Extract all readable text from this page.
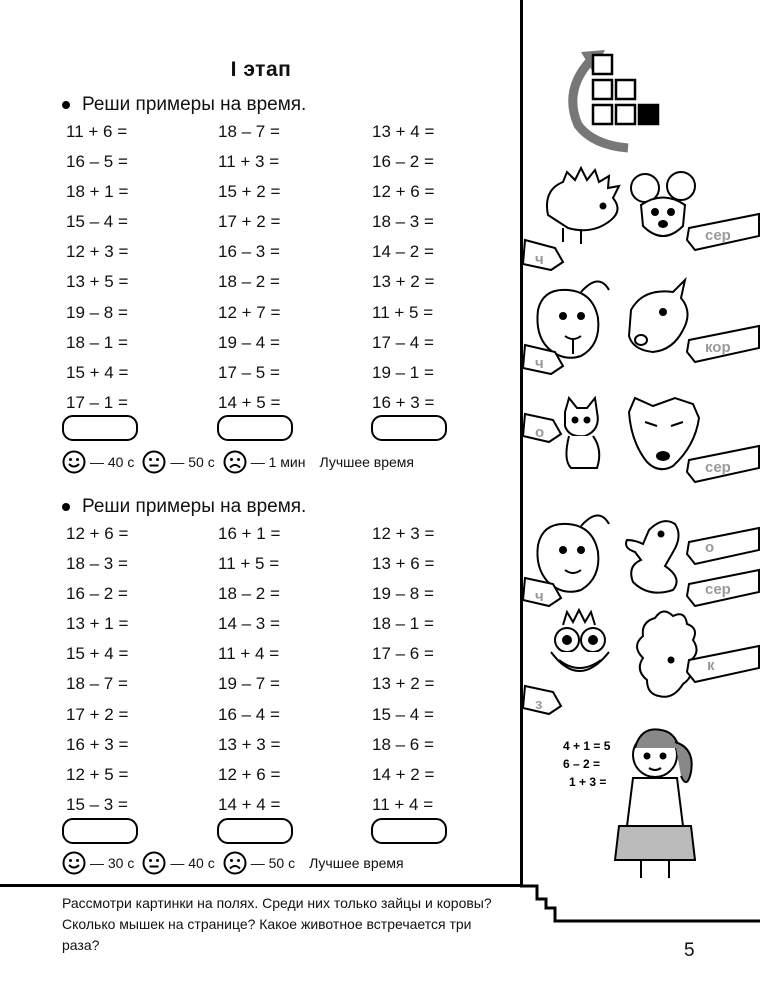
I этап
Реши примеры на время.
11 + 6 =	18 – 7 =	13 + 4 =
16 – 5 =	11 + 3 =	16 – 2 =
18 + 1 =	15 + 2 =	12 + 6 =
15 – 4 =	17 + 2 =	18 – 3 =
12 + 3 =	16 – 3 =	14 – 2 =
13 + 5 =	18 – 2 =	13 + 2 =
19 – 8 =	12 + 7 =	11 + 5 =
18 – 1 =	19 – 4 =	17 – 4 =
15 + 4 =	17 – 5 =	19 – 1 =
17 – 1 =	14 + 5 =	16 + 3 =
— 40 с	— 50 с	— 1 мин Лучшее время
Реши примеры на время.
12 + 6 =	16 + 1 =	12 + 3 =
18 – 3 =	11 + 5 =	13 + 6 =
16 – 2 =	18 – 2 =	19 – 8 =
13 + 1 =	14 – 3 =	18 – 1 =
15 + 4 =	11 + 4 =	17 – 6 =
18 – 7 =	19 – 7 =	13 + 2 =
17 + 2 =	16 – 4 =	15 – 4 =
16 + 3 =	13 + 3 =	18 – 6 =
12 + 5 =	12 + 6 =	14 + 2 =
15 – 3 =	14 + 4 =	11 + 4 =
— 30 с	— 40 с	— 50 с Лучшее время
Рассмотри картинки на полях. Среди них только зайцы и коровы? Сколько мышек на странице? Какое животное встречается три раза?	5
ч
сер
ч
кор
о
сер
о
ч	сер
к
з
4 + 1 = 5
6 – 2 =
1 + 3 =
